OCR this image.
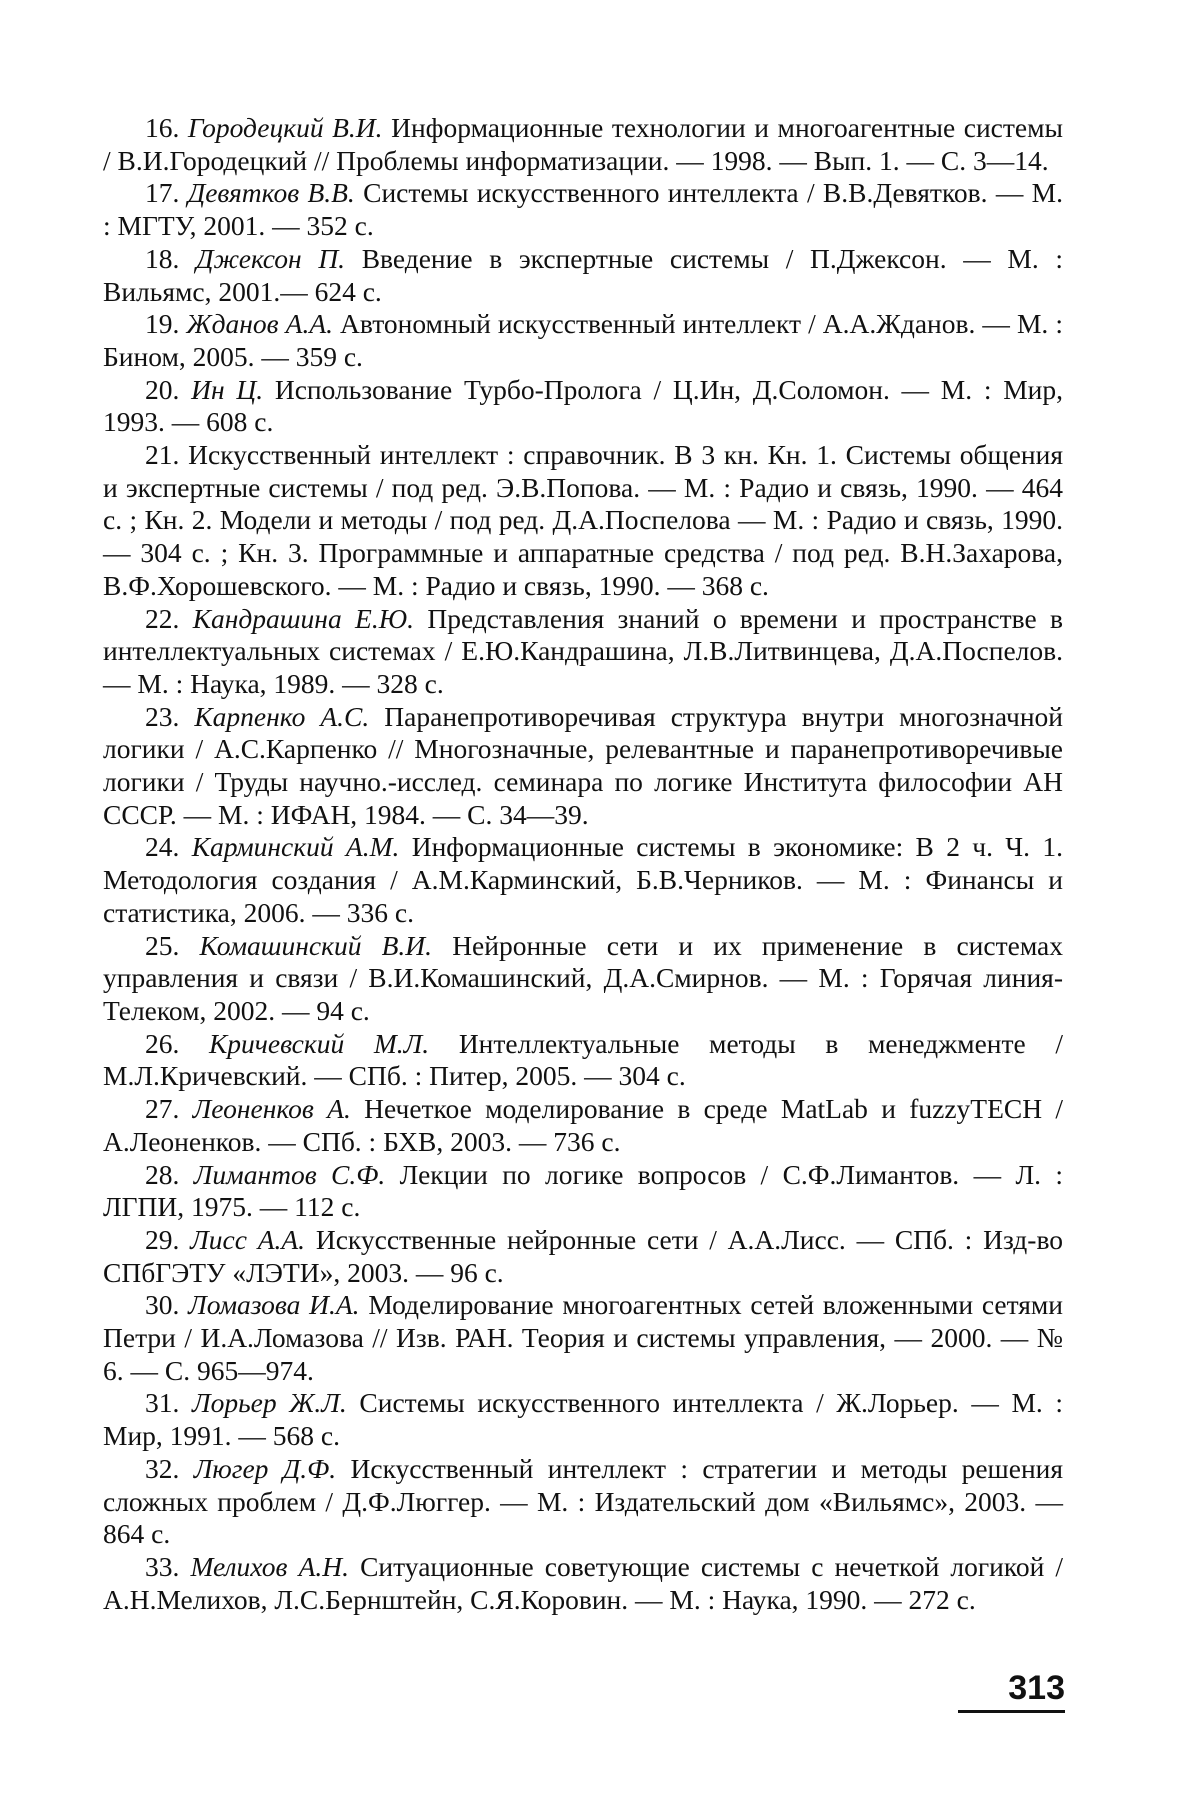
16. Городецкий В.И. Информационные технологии и многоагентные системы / В.И.Городецкий // Проблемы информатизации. — 1998. — Вып. 1. — С. 3—14.

17. Девятков В.В. Системы искусственного интеллекта / В.В.Девятков. — М. : МГТУ, 2001. — 352 с.

18. Джексон П. Введение в экспертные системы / П.Джексон. — М. : Вильямс, 2001.— 624 с.

19. Жданов А.А. Автономный искусственный интеллект / А.А.Жданов. — М. : Бином, 2005. — 359 с.

20. Ин Ц. Использование Турбо-Пролога / Ц.Ин, Д.Соломон. — М. : Мир, 1993. — 608 с.

21. Искусственный интеллект : справочник. В 3 кн. Кн. 1. Системы общения и экспертные системы / под ред. Э.В.Попова. — М. : Радио и связь, 1990. — 464 с. ; Кн. 2. Модели и методы / под ред. Д.А.Поспелова — М. : Радио и связь, 1990. — 304 с. ; Кн. 3. Программные и аппаратные средства / под ред. В.Н.Захарова, В.Ф.Хорошевского. — М. : Радио и связь, 1990. — 368 с.

22. Кандрашина Е.Ю. Представления знаний о времени и пространстве в интеллектуальных системах / Е.Ю.Кандрашина, Л.В.Литвинцева, Д.А.Поспелов. — М. : Наука, 1989. — 328 с.

23. Карпенко А.С. Паранепротиворечивая структура внутри многозначной логики / А.С.Карпенко // Многозначные, релевантные и паранепротиворечивые логики / Труды научно.-исслед. семинара по логике Института философии АН СССР. — М. : ИФАН, 1984. — С. 34—39.

24. Карминский А.М. Информационные системы в экономике: В 2 ч. Ч. 1. Методология создания / А.М.Карминский, Б.В.Черников. — М. : Финансы и статистика, 2006. — 336 с.

25. Комашинский В.И. Нейронные сети и их применение в системах управления и связи / В.И.Комашинский, Д.А.Смирнов. — М. : Горячая линия-Телеком, 2002. — 94 с.

26. Кричевский М.Л. Интеллектуальные методы в менеджменте / М.Л.Кричевский. — СПб. : Питер, 2005. — 304 с.

27. Леоненков А. Нечеткое моделирование в среде MatLab и fuzzyTECH / А.Леоненков. — СПб. : БХВ, 2003. — 736 с.

28. Лимантов С.Ф. Лекции по логике вопросов / С.Ф.Лимантов. — Л. : ЛГПИ, 1975. — 112 с.

29. Лисс А.А. Искусственные нейронные сети / А.А.Лисс. — СПб. : Изд-во СПбГЭТУ «ЛЭТИ», 2003. — 96 с.

30. Ломазова И.А. Моделирование многоагентных сетей вложенными сетями Петри / И.А.Ломазова // Изв. РАН. Теория и системы управления, — 2000. — № 6. — С. 965—974.

31. Лорьер Ж.Л. Системы искусственного интеллекта / Ж.Лорьер. — М. : Мир, 1991. — 568 с.

32. Люгер Д.Ф. Искусственный интеллект : стратегии и методы решения сложных проблем / Д.Ф.Люггер. — М. : Издательский дом «Вильямс», 2003. — 864 с.

33. Мелихов А.Н. Ситуационные советующие системы с нечеткой логикой / А.Н.Мелихов, Л.С.Бернштейн, С.Я.Коровин. — М. : Наука, 1990. — 272 с.

313
